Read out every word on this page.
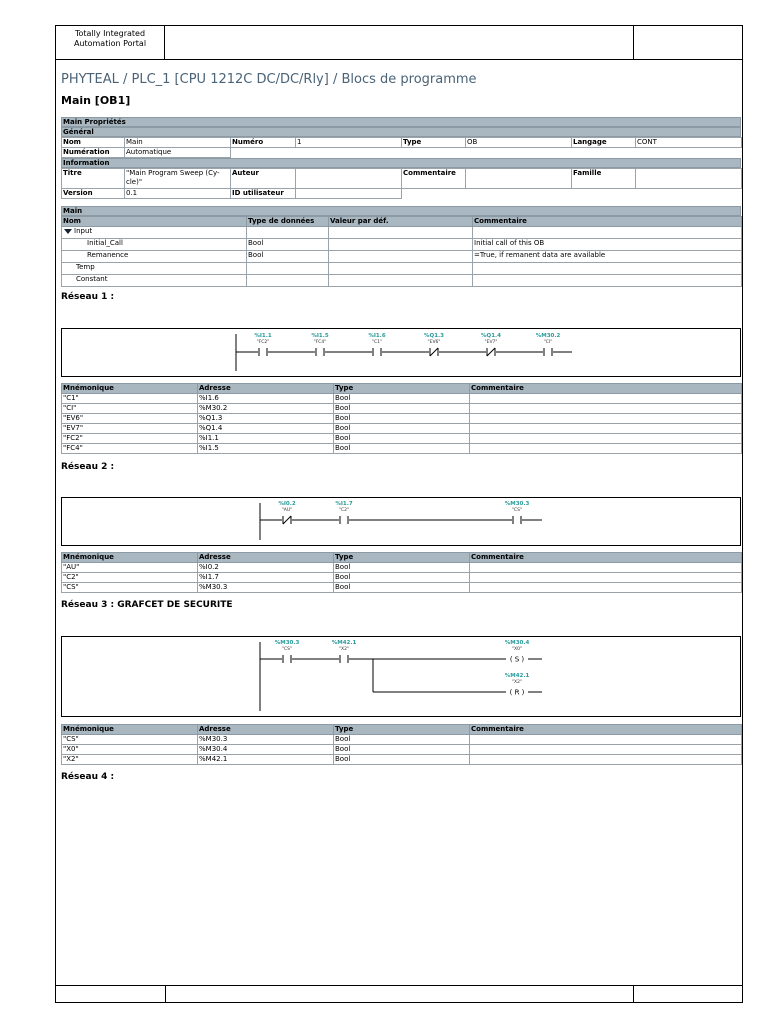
Totally Integrated
Automation Portal
PHYTEAL / PLC_1 [CPU 1212C DC/DC/Rly] / Blocs de programme
Main [OB1]
Main Propriétés
Général
Nom	Main	Numéro	1	Type	OB	Langage	CONT
Numération	Automatique						
Information
Titre	"Main Program Sweep (Cy-
cle)"	Auteur		Commentaire		Famille	
Version	0.1	ID utilisateur					
Main
Nom	Type de données	Valeur par déf.	Commentaire
Input			
Initial_Call	Bool		Initial call of this OB
Remanence	Bool		=True, if remanent data are available
Temp			
Constant			
Réseau 1 :
%I1.1
"FC2"
%I1.5
"FC4"
%I1.6
"C1"
%Q1.3
"EV6"
%Q1.4
"EV7"
%M30.2
"CI"
Mnémonique	Adresse	Type	Commentaire
"C1"	%I1.6	Bool	
"CI"	%M30.2	Bool	
"EV6"	%Q1.3	Bool	
"EV7"	%Q1.4	Bool	
"FC2"	%I1.1	Bool	
"FC4"	%I1.5	Bool	
Réseau 2 :
%I0.2
"AU"
%I1.7
"C2"
%M30.3
"CS"
Mnémonique	Adresse	Type	Commentaire
"AU"	%I0.2	Bool	
"C2"	%I1.7	Bool	
"CS"	%M30.3	Bool	
Réseau 3 : GRAFCET DE SECURITE
%M30.3
"CS"
%M42.1
"X2"
%M30.4
"X0"
( S )
%M42.1
"X2"
( R )
Mnémonique	Adresse	Type	Commentaire
"CS"	%M30.3	Bool	
"X0"	%M30.4	Bool	
"X2"	%M42.1	Bool	
Réseau 4 :
